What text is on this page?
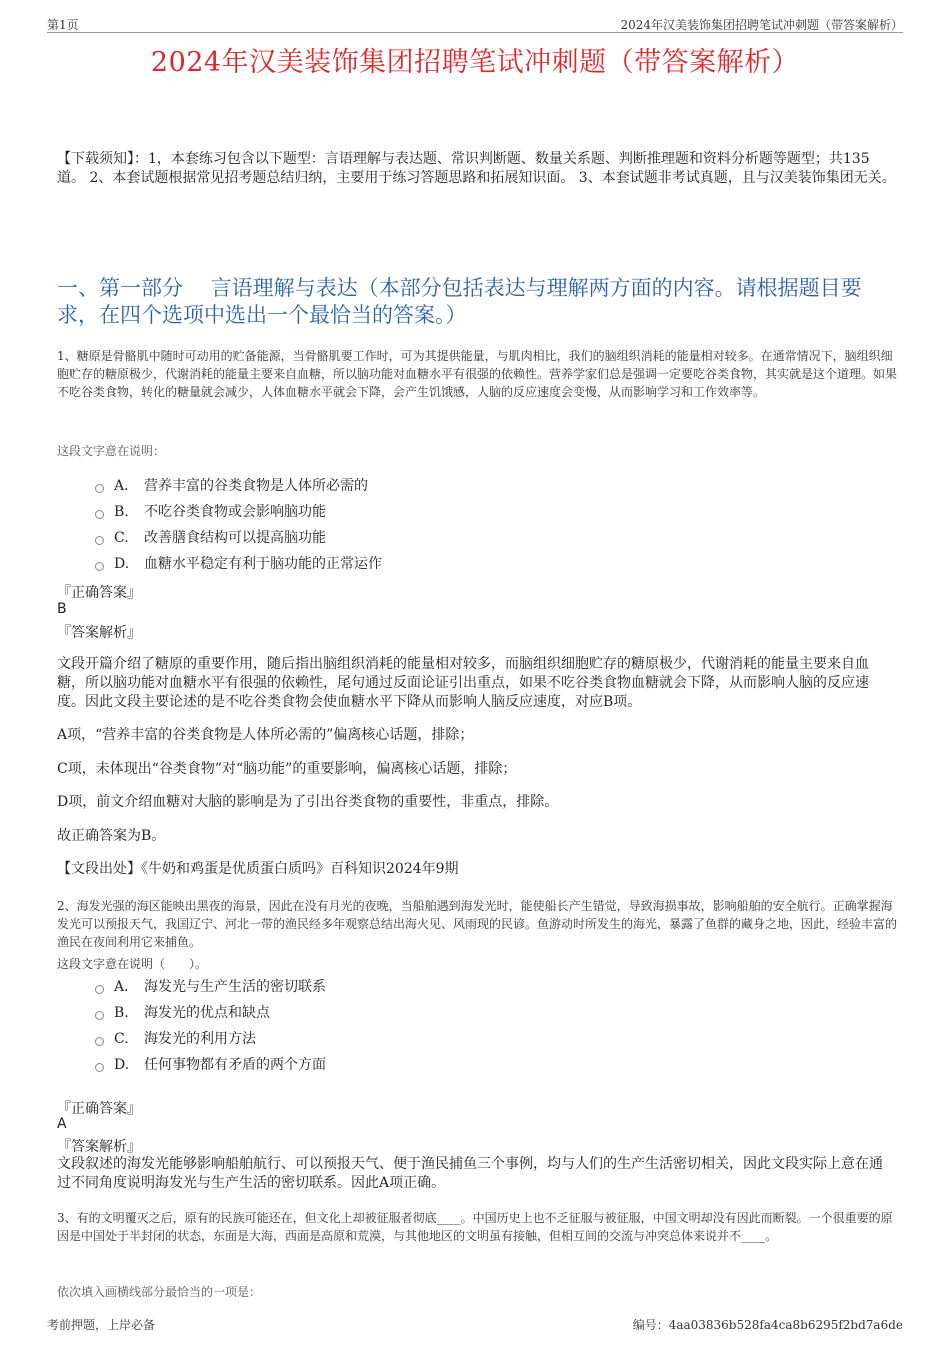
第1页	2024年汉美装饰集团招聘笔试冲刺题（带答案解析）
2024年汉美装饰集团招聘笔试冲刺题（带答案解析）
【下载须知】：1，本套练习包含以下题型：言语理解与表达题、常识判断题、数量关系题、判断推理题和资料分析题等题型；共135道。 2、本套试题根据常见招考题总结归纳，主要用于练习答题思路和拓展知识面。 3、本套试题非考试真题，且与汉美装饰集团无关。
一、第一部分　 言语理解与表达（本部分包括表达与理解两方面的内容。请根据题目要求，在四个选项中选出一个最恰当的答案。）
1、糖原是骨骼肌中随时可动用的贮备能源，当骨骼肌要工作时，可为其提供能量，与肌肉相比，我们的脑组织消耗的能量相对较多。在通常情况下，脑组织细胞贮存的糖原极少，代谢消耗的能量主要来自血糖，所以脑功能对血糖水平有很强的依赖性。营养学家们总是强调一定要吃谷类食物，其实就是这个道理。如果不吃谷类食物，转化的糖量就会减少，人体血糖水平就会下降，会产生饥饿感，人脑的反应速度会变慢，从而影响学习和工作效率等。
这段文字意在说明：
A． 营养丰富的谷类食物是人体所必需的
B.	不吃谷类食物或会影响脑功能
C.	改善膳食结构可以提高脑功能
D.	血糖水平稳定有利于脑功能的正常运作
『正确答案』
B
『答案解析』
文段开篇介绍了糖原的重要作用，随后指出脑组织消耗的能量相对较多，而脑组织细胞贮存的糖原极少，代谢消耗的能量主要来自血糖，所以脑功能对血糖水平有很强的依赖性，尾句通过反面论证引出重点，如果不吃谷类食物血糖就会下降，从而影响人脑的反应速度。因此文段主要论述的是不吃谷类食物会使血糖水平下降从而影响人脑反应速度，对应B项。
A项，“营养丰富的谷类食物是人体所必需的”偏离核心话题，排除；
C项，未体现出“谷类食物”对“脑功能”的重要影响，偏离核心话题，排除；
D项，前文介绍血糖对大脑的影响是为了引出谷类食物的重要性，非重点，排除。
故正确答案为B。
【文段出处】《牛奶和鸡蛋是优质蛋白质吗》百科知识2024年9期
2、海发光强的海区能映出黑夜的海景，因此在没有月光的夜晚，当船舶遇到海发光时，能使船长产生错觉，导致海损事故，影响船舶的安全航行。正确掌握海发光可以预报天气，我国辽宁、河北一带的渔民经多年观察总结出海火见、风雨现的民谚。鱼游动时所发生的海光，暴露了鱼群的藏身之地，因此，经验丰富的渔民在夜间利用它来捕鱼。
这段文字意在说明（　　）。
A． 海发光与生产生活的密切联系
B.	海发光的优点和缺点
C.	海发光的利用方法
D.	任何事物都有矛盾的两个方面
『正确答案』
A
『答案解析』
文段叙述的海发光能够影响船舶航行、可以预报天气、便于渔民捕鱼三个事例，均与人们的生产生活密切相关，因此文段实际上意在通过不同角度说明海发光与生产生活的密切联系。因此A项正确。
3、有的文明覆灭之后，原有的民族可能还在，但文化上却被征服者彻底____。中国历史上也不乏征服与被征服，中国文明却没有因此而断裂。一个很重要的原因是中国处于半封闭的状态，东面是大海，西面是高原和荒漠，与其他地区的文明虽有接触，但相互间的交流与冲突总体来说并不____。
依次填入画横线部分最恰当的一项是：
考前押题，上岸必备	编号：4aa03836b528fa4ca8b6295f2bd7a6de
